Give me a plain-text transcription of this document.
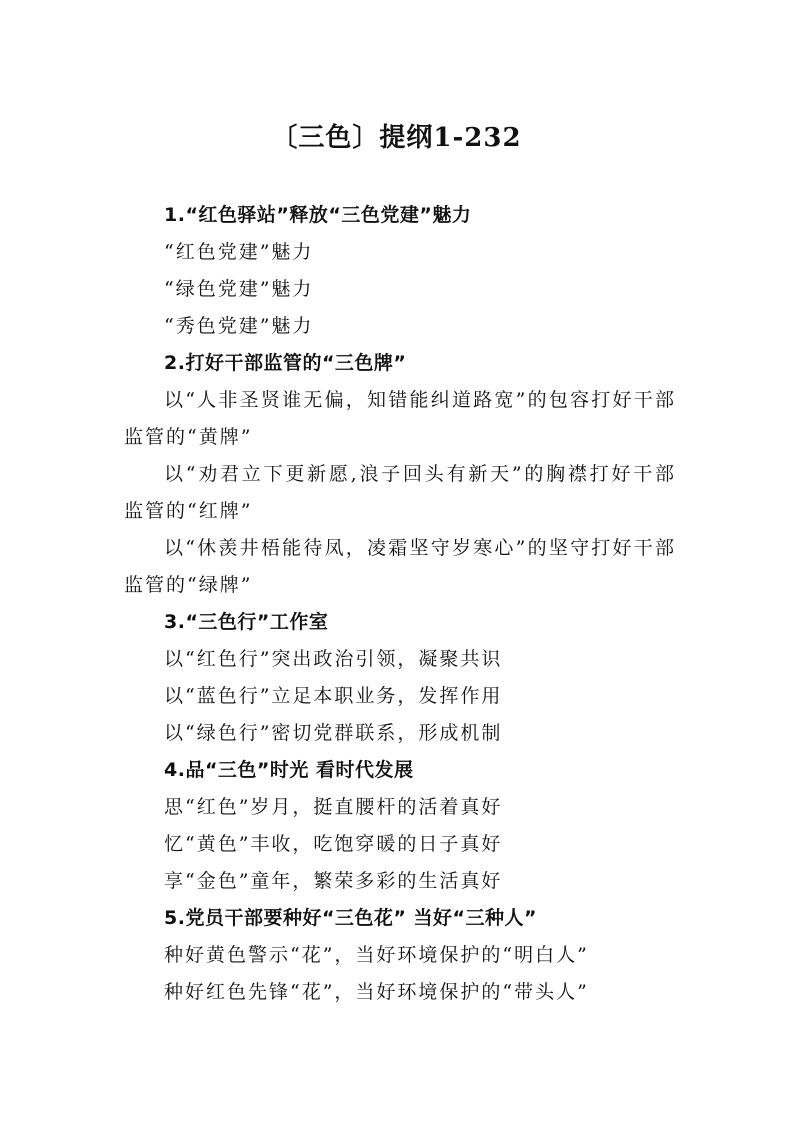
〔三色〕提纲1-232
1.“红色驿站”释放“三色党建”魅力
“红色党建”魅力
“绿色党建”魅力
“秀色党建”魅力
2.打好干部监管的“三色牌”
以“人非圣贤谁无偏，知错能纠道路宽”的包容打好干部监管的“黄牌”
以“劝君立下更新愿,浪子回头有新天”的胸襟打好干部监管的“红牌”
以“休羡井梧能待凤，凌霜坚守岁寒心”的坚守打好干部监管的“绿牌”
3.“三色行”工作室
以“红色行”突出政治引领，凝聚共识
以“蓝色行”立足本职业务，发挥作用
以“绿色行”密切党群联系，形成机制
4.品“三色”时光 看时代发展
思“红色”岁月，挺直腰杆的活着真好
忆“黄色”丰收，吃饱穿暖的日子真好
享“金色”童年，繁荣多彩的生活真好
5.党员干部要种好“三色花” 当好“三种人”
种好黄色警示“花”，当好环境保护的“明白人”
种好红色先锋“花”，当好环境保护的“带头人”
